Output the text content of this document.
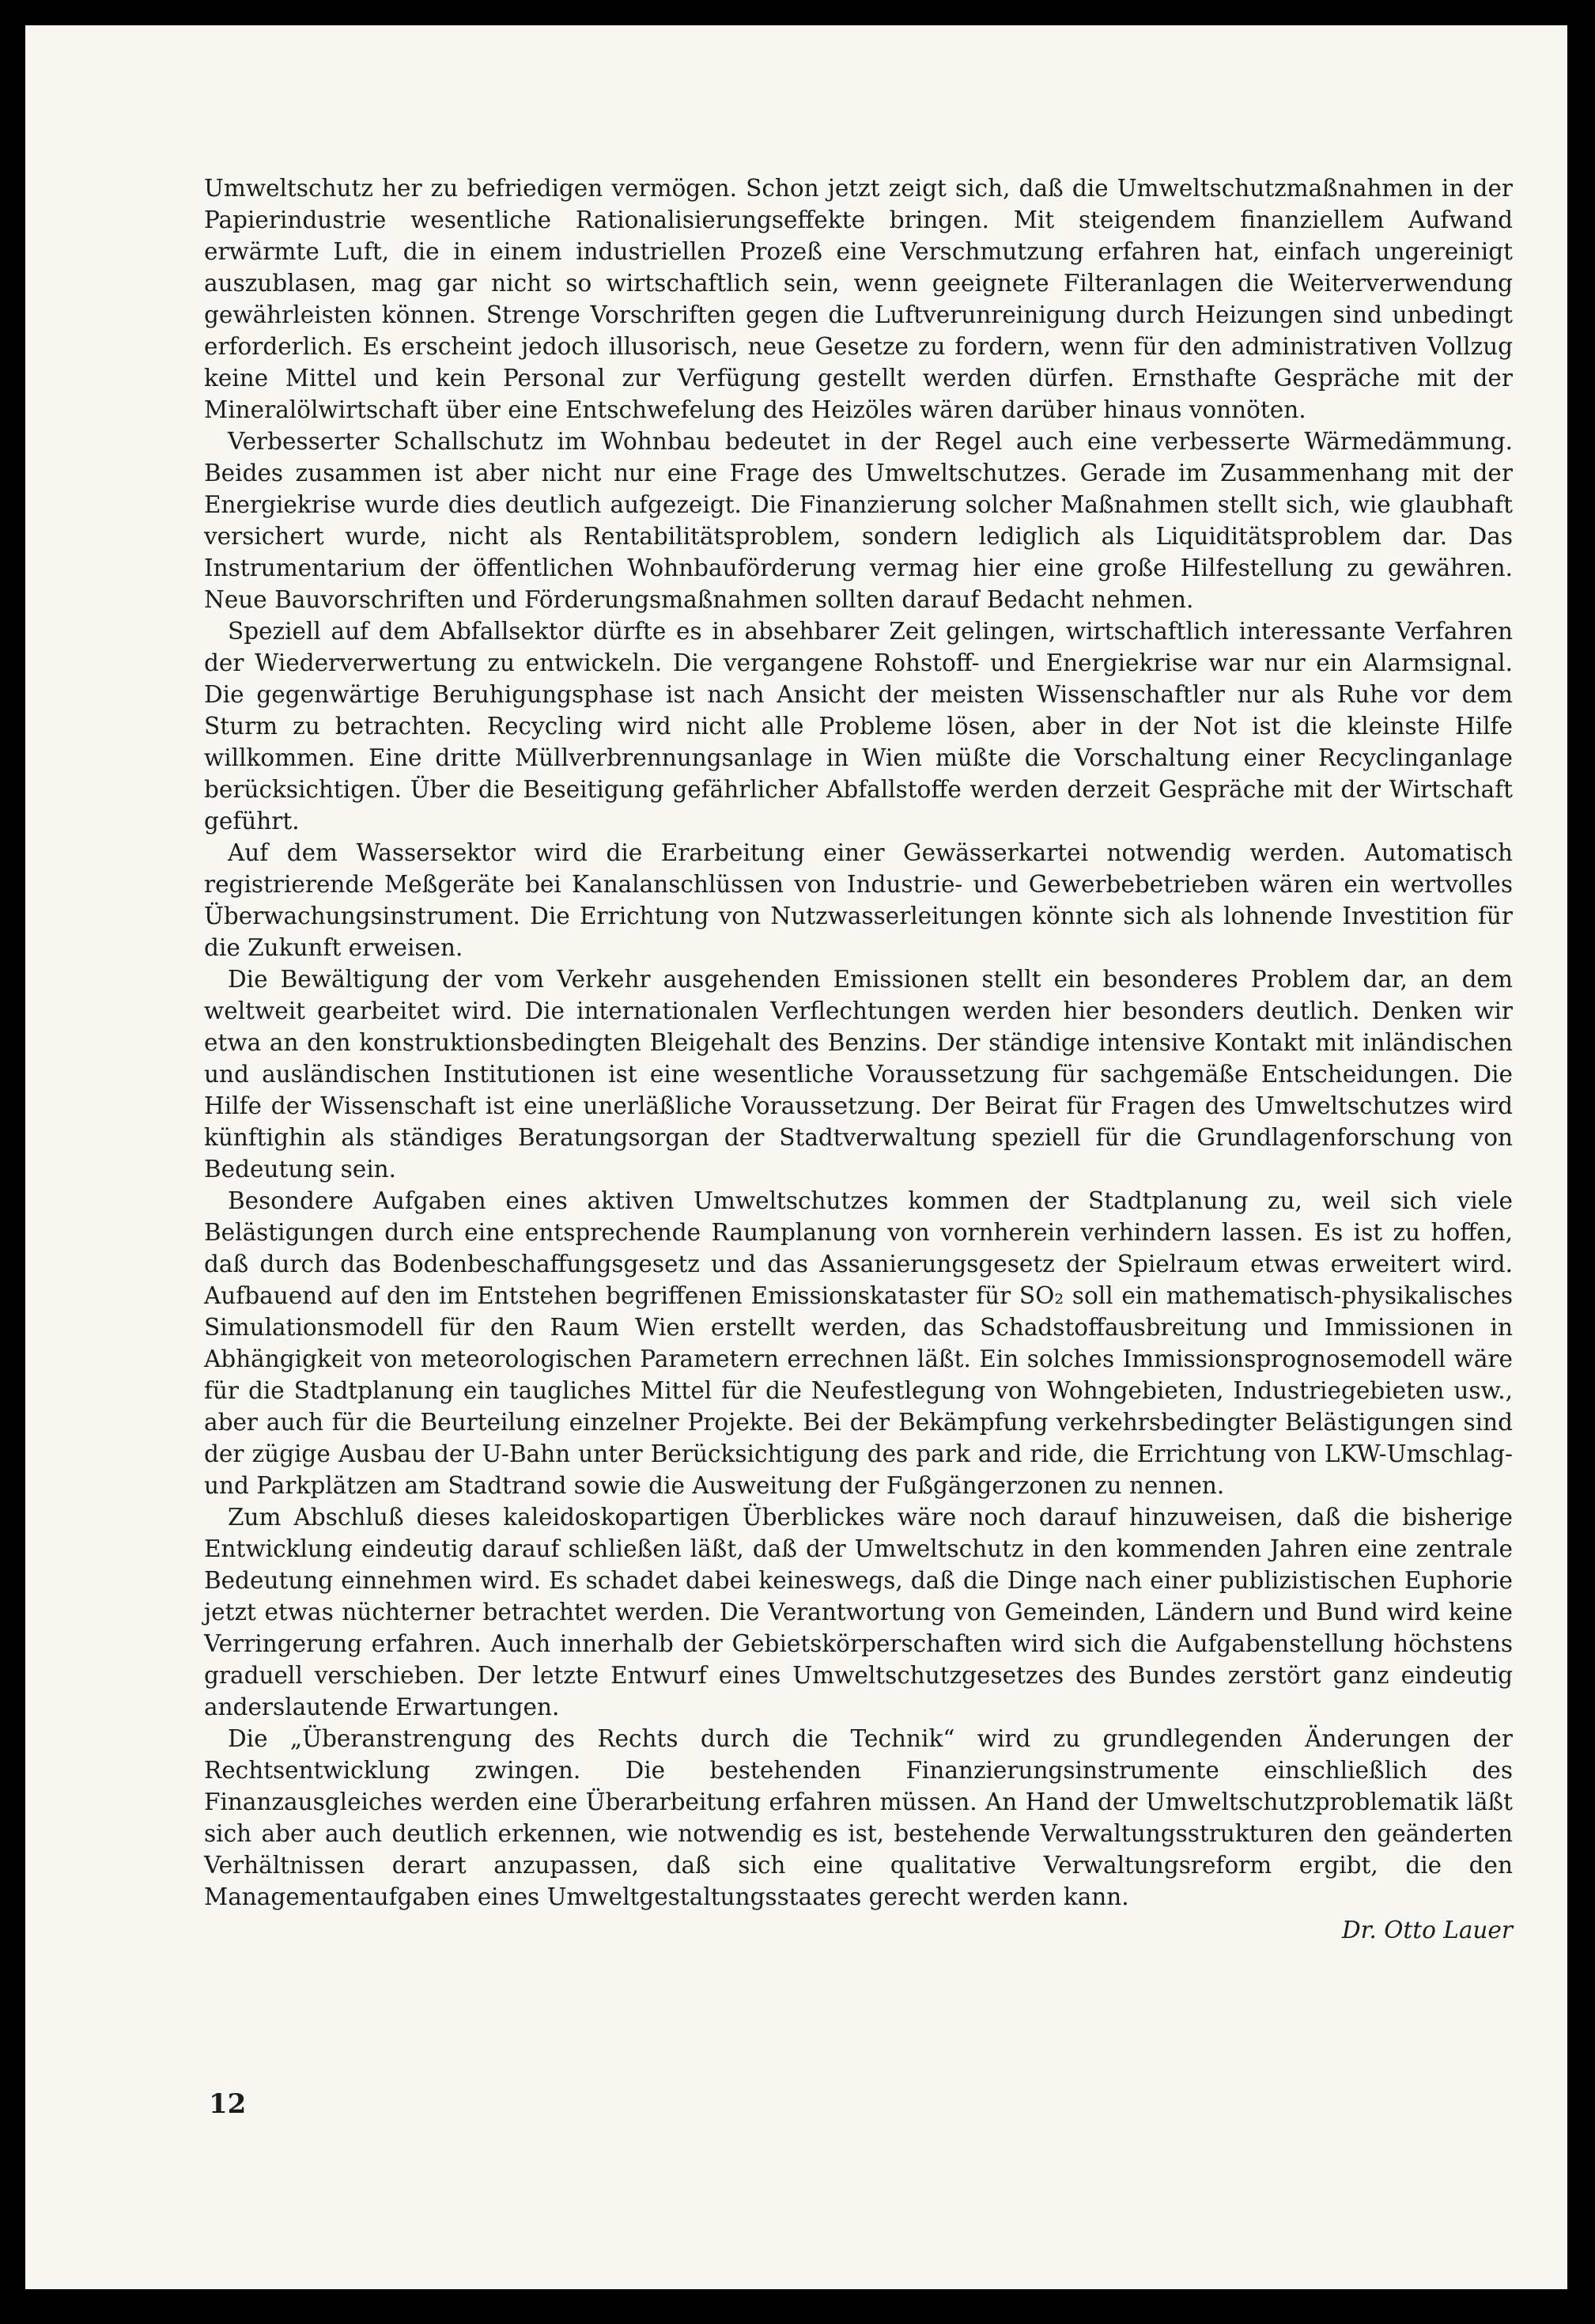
Umweltschutz her zu befriedigen vermögen. Schon jetzt zeigt sich, daß die Umweltschutzmaßnahmen in der Papierindustrie wesentliche Rationalisierungseffekte bringen. Mit steigendem finanziellem Aufwand erwärmte Luft, die in einem industriellen Prozeß eine Verschmutzung erfahren hat, einfach ungereinigt auszublasen, mag gar nicht so wirtschaftlich sein, wenn geeignete Filteranlagen die Weiterverwendung gewährleisten können. Strenge Vorschriften gegen die Luftverunreinigung durch Heizungen sind unbedingt erforderlich. Es erscheint jedoch illusorisch, neue Gesetze zu fordern, wenn für den administrativen Vollzug keine Mittel und kein Personal zur Verfügung gestellt werden dürfen. Ernsthafte Gespräche mit der Mineralölwirtschaft über eine Entschwefelung des Heizöles wären darüber hinaus vonnöten.

Verbesserter Schallschutz im Wohnbau bedeutet in der Regel auch eine verbesserte Wärmedämmung. Beides zusammen ist aber nicht nur eine Frage des Umweltschutzes. Gerade im Zusammenhang mit der Energiekrise wurde dies deutlich aufgezeigt. Die Finanzierung solcher Maßnahmen stellt sich, wie glaubhaft versichert wurde, nicht als Rentabilitätsproblem, sondern lediglich als Liquiditätsproblem dar. Das Instrumentarium der öffentlichen Wohnbauförderung vermag hier eine große Hilfestellung zu gewähren. Neue Bauvorschriften und Förderungsmaßnahmen sollten darauf Bedacht nehmen.

Speziell auf dem Abfallsektor dürfte es in absehbarer Zeit gelingen, wirtschaftlich interessante Verfahren der Wiederverwertung zu entwickeln. Die vergangene Rohstoff- und Energiekrise war nur ein Alarmsignal. Die gegenwärtige Beruhigungsphase ist nach Ansicht der meisten Wissenschaftler nur als Ruhe vor dem Sturm zu betrachten. Recycling wird nicht alle Probleme lösen, aber in der Not ist die kleinste Hilfe willkommen. Eine dritte Müllverbrennungsanlage in Wien müßte die Vorschaltung einer Recyclinganlage berücksichtigen. Über die Beseitigung gefährlicher Abfallstoffe werden derzeit Gespräche mit der Wirtschaft geführt.

Auf dem Wassersektor wird die Erarbeitung einer Gewässerkartei notwendig werden. Automatisch registrierende Meßgeräte bei Kanalanschlüssen von Industrie- und Gewerbebetrieben wären ein wertvolles Überwachungsinstrument. Die Errichtung von Nutzwasserleitungen könnte sich als lohnende Investition für die Zukunft erweisen.

Die Bewältigung der vom Verkehr ausgehenden Emissionen stellt ein besonderes Problem dar, an dem weltweit gearbeitet wird. Die internationalen Verflechtungen werden hier besonders deutlich. Denken wir etwa an den konstruktionsbedingten Bleigehalt des Benzins. Der ständige intensive Kontakt mit inländischen und ausländischen Institutionen ist eine wesentliche Voraussetzung für sachgemäße Entscheidungen. Die Hilfe der Wissenschaft ist eine unerläßliche Voraussetzung. Der Beirat für Fragen des Umweltschutzes wird künftighin als ständiges Beratungsorgan der Stadtverwaltung speziell für die Grundlagenforschung von Bedeutung sein.

Besondere Aufgaben eines aktiven Umweltschutzes kommen der Stadtplanung zu, weil sich viele Belästigungen durch eine entsprechende Raumplanung von vornherein verhindern lassen. Es ist zu hoffen, daß durch das Bodenbeschaffungsgesetz und das Assanierungsgesetz der Spielraum etwas erweitert wird. Aufbauend auf den im Entstehen begriffenen Emissionskataster für SO₂ soll ein mathematisch-physikalisches Simulationsmodell für den Raum Wien erstellt werden, das Schadstoffausbreitung und Immissionen in Abhängigkeit von meteorologischen Parametern errechnen läßt. Ein solches Immissionsprognosemodell wäre für die Stadtplanung ein taugliches Mittel für die Neufestlegung von Wohngebieten, Industriegebieten usw., aber auch für die Beurteilung einzelner Projekte. Bei der Bekämpfung verkehrsbedingter Belästigungen sind der zügige Ausbau der U-Bahn unter Berücksichtigung des park and ride, die Errichtung von LKW-Umschlag- und Parkplätzen am Stadtrand sowie die Ausweitung der Fußgängerzonen zu nennen.

Zum Abschluß dieses kaleidoskopartigen Überblickes wäre noch darauf hinzuweisen, daß die bisherige Entwicklung eindeutig darauf schließen läßt, daß der Umweltschutz in den kommenden Jahren eine zentrale Bedeutung einnehmen wird. Es schadet dabei keineswegs, daß die Dinge nach einer publizistischen Euphorie jetzt etwas nüchterner betrachtet werden. Die Verantwortung von Gemeinden, Ländern und Bund wird keine Verringerung erfahren. Auch innerhalb der Gebietskörperschaften wird sich die Aufgabenstellung höchstens graduell verschieben. Der letzte Entwurf eines Umweltschutzgesetzes des Bundes zerstört ganz eindeutig anderslautende Erwartungen.

Die „Überanstrengung des Rechts durch die Technik“ wird zu grundlegenden Änderungen der Rechtsentwicklung zwingen. Die bestehenden Finanzierungsinstrumente einschließlich des Finanzausgleiches werden eine Überarbeitung erfahren müssen. An Hand der Umweltschutzproblematik läßt sich aber auch deutlich erkennen, wie notwendig es ist, bestehende Verwaltungsstrukturen den geänderten Verhältnissen derart anzupassen, daß sich eine qualitative Verwaltungsreform ergibt, die den Managementaufgaben eines Umweltgestaltungsstaates gerecht werden kann.

Dr. Otto Lauer

12
